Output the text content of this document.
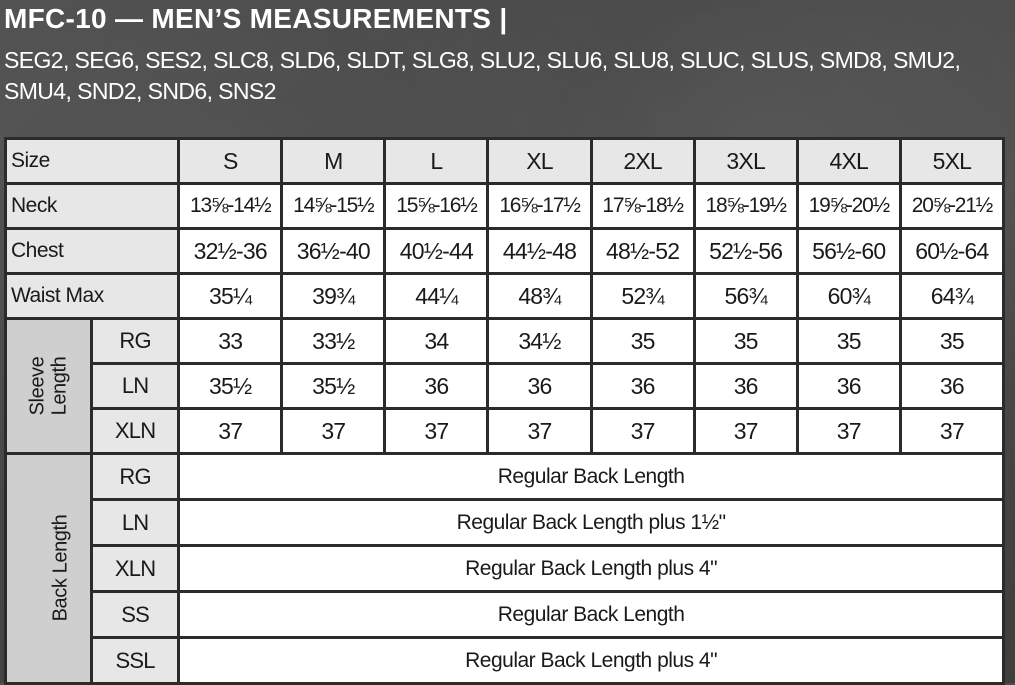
MFC-10 — MEN’S MEASUREMENTS |
SEG2, SEG6, SES2, SLC8, SLD6, SLDT, SLG8, SLU2, SLU6, SLU8, SLUC, SLUS, SMD8, SMU2, SMU4, SND2, SND6, SNS2
Size		S	M	L	XL	2XL	3XL	4XL	5XL
Neck		13⅝-14½	14⅝-15½	15⅝-16½	16⅝-17½	17⅝-18½	18⅝-19½	19⅝-20½	20⅝-21½
Chest		32½-36	36½-40	40½-44	44½-48	48½-52	52½-56	56½-60	60½-64
Waist Max		35¼	39¾	44¼	48¾	52¾	56¾	60¾	64¾

Sleeve Length	RG	33	33½	34	34½	35	35	35	35
	LN	35½	35½	36	36	36	36	36	36
	XLN	37	37	37	37	37	37	37	37

Back Length	RG	Regular Back Length							
	LN	Regular Back Length plus 1½"							
	XLN	Regular Back Length plus 4"							
	SS	Regular Back Length							
	SSL	Regular Back Length plus 4"							
